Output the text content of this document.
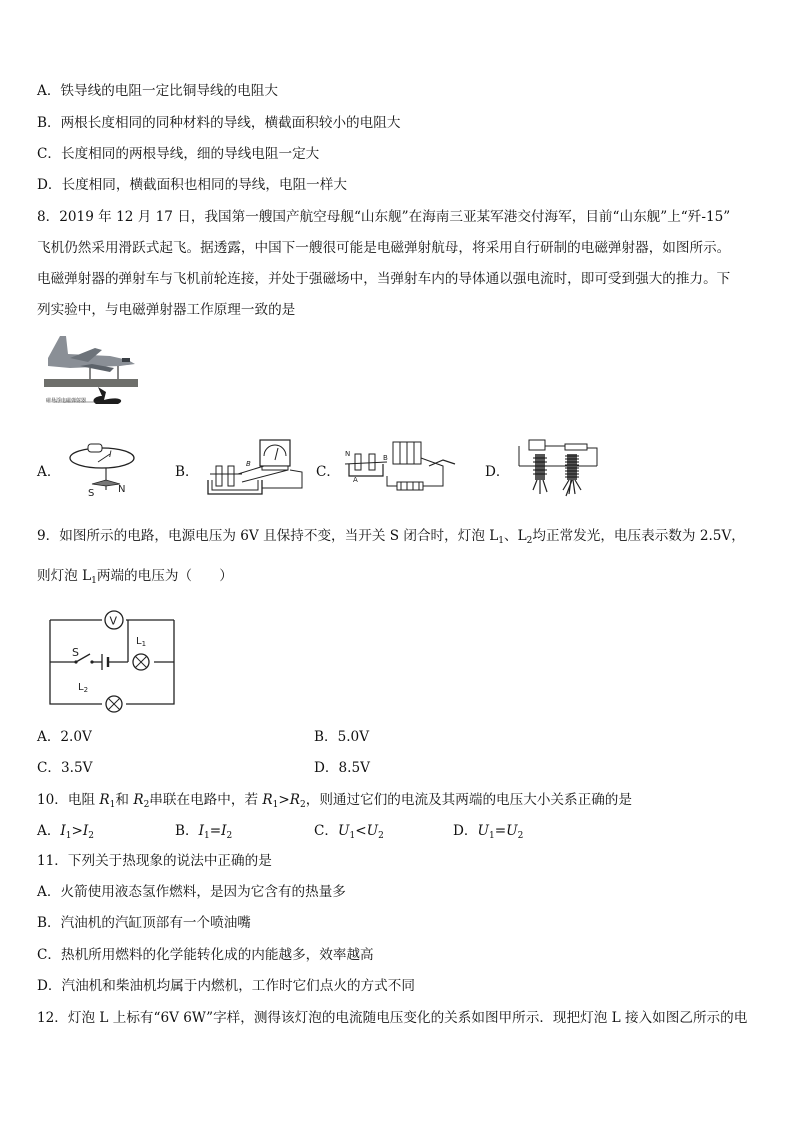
A．铁导线的电阻一定比铜导线的电阻大
B．两根长度相同的同种材料的导线，横截面积较小的电阻大
C．长度相同的两根导线，细的导线电阻一定大
D．长度相同，横截面积也相同的导线，电阻一样大
8．2019 年 12 月 17 日，我国第一艘国产航空母舰“山东舰”在海南三亚某军港交付海军，目前“山东舰”上“歼-15”
飞机仍然采用滑跃式起飞。据透露，中国下一艘很可能是电磁弹射航母，将采用自行研制的电磁弹射器，如图所示。
电磁弹射器的弹射车与飞机前轮连接，并处于强磁场中，当弹射车内的导体通以强电流时，即可受到强大的推力。下
列实验中，与电磁弹射器工作原理一致的是
磁悬浮电磁弹射器
A．	B．	C．	D．
I
S N
B
N
A
B
9．如图所示的电路，电源电压为 6V 且保持不变，当开关 S 闭合时，灯泡 $L_1$、$L_2$均正常发光，电压表示数为 2.5V，
则灯泡 $L_1$两端的电压为（　　）
V
S
$L_1$
$L_2$
A．2.0V	B．5.0V
C．3.5V	D．8.5V
10．电阻 $R_1$和 $R_2$串联在电路中，若 $R_1>R_2$，则通过它们的电流及其两端的电压大小关系正确的是
A．$I_1>I_2$	B．$I_1=I_2$	C．$U_1<U_2$	D．$U_1=U_2$
11．下列关于热现象的说法中正确的是
A．火箭使用液态氢作燃料，是因为它含有的热量多
B．汽油机的汽缸顶部有一个喷油嘴
C．热机所用燃料的化学能转化成的内能越多，效率越高
D．汽油机和柴油机均属于内燃机，工作时它们点火的方式不同
12．灯泡 L 上标有“6V 6W”字样，测得该灯泡的电流随电压变化的关系如图甲所示．现把灯泡 L 接入如图乙所示的电
